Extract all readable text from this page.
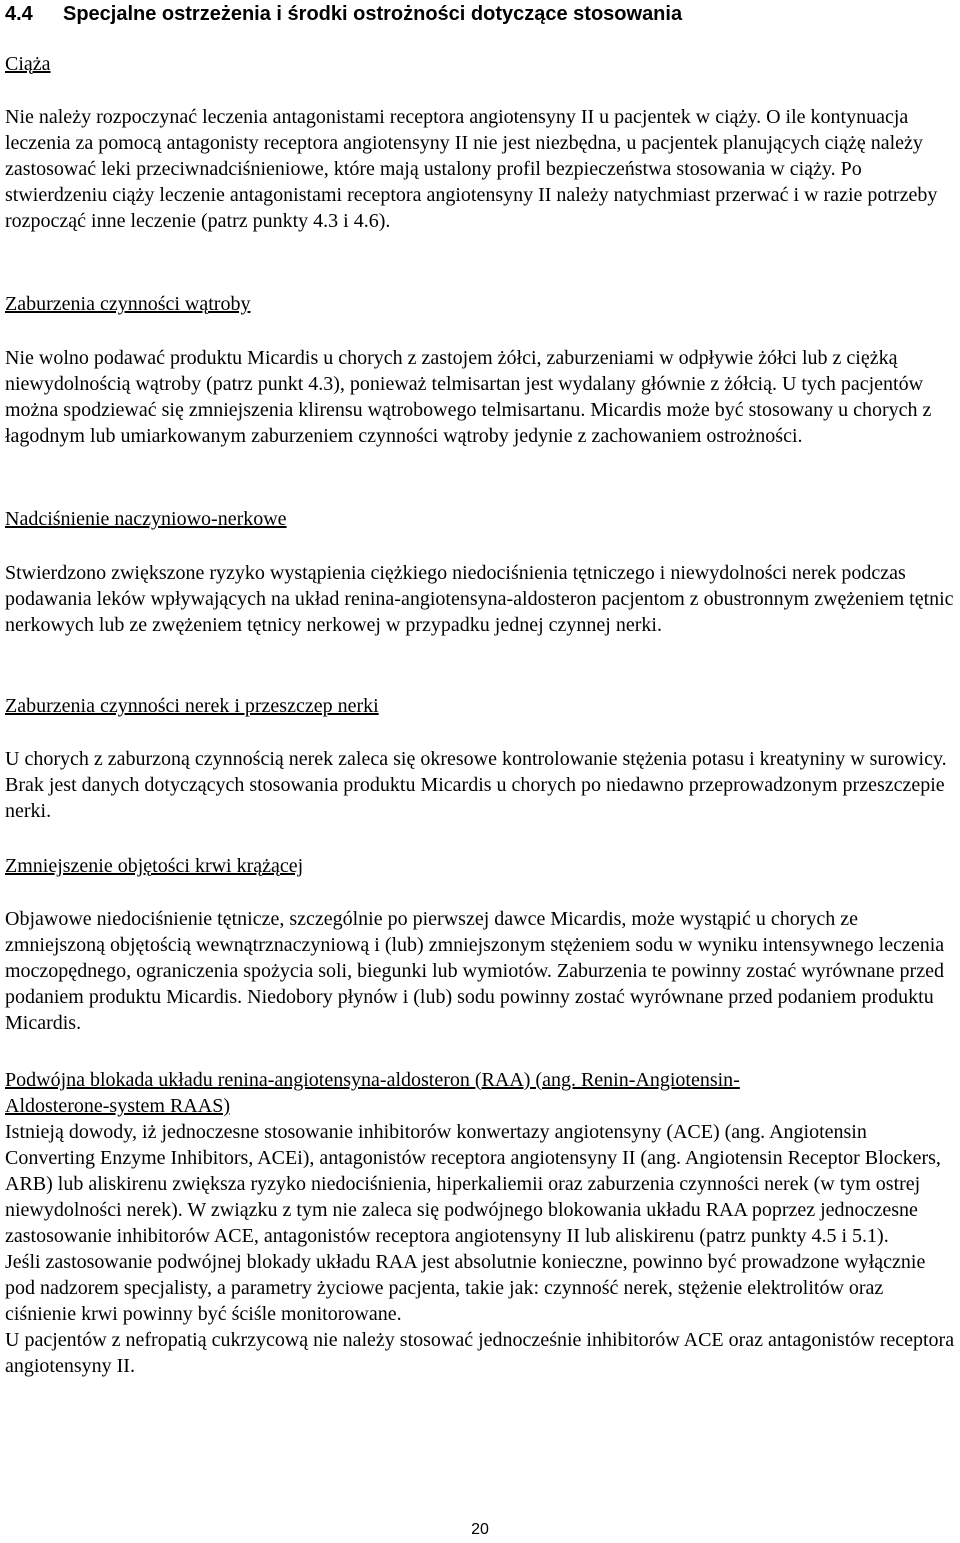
4.4 Specjalne ostrzeżenia i środki ostrożności dotyczące stosowania

Ciąża

Nie należy rozpoczynać leczenia antagonistami receptora angiotensyny II u pacjentek w ciąży. O ile kontynuacja leczenia za pomocą antagonisty receptora angiotensyny II nie jest niezbędna, u pacjentek planujących ciążę należy zastosować leki przeciwnadciśnieniowe, które mają ustalony profil bezpieczeństwa stosowania w ciąży. Po stwierdzeniu ciąży leczenie antagonistami receptora angiotensyny II należy natychmiast przerwać i w razie potrzeby rozpocząć inne leczenie (patrz punkty 4.3 i 4.6).

Zaburzenia czynności wątroby

Nie wolno podawać produktu Micardis u chorych z zastojem żółci, zaburzeniami w odpływie żółci lub z ciężką niewydolnością wątroby (patrz punkt 4.3), ponieważ telmisartan jest wydalany głównie z żółcią. U tych pacjentów można spodziewać się zmniejszenia klirensu wątrobowego telmisartanu. Micardis może być stosowany u chorych z łagodnym lub umiarkowanym zaburzeniem czynności wątroby jedynie z zachowaniem ostrożności.

Nadciśnienie naczyniowo-nerkowe

Stwierdzono zwiększone ryzyko wystąpienia ciężkiego niedociśnienia tętniczego i niewydolności nerek podczas podawania leków wpływających na układ renina-angiotensyna-aldosteron pacjentom z obustronnym zwężeniem tętnic nerkowych lub ze zwężeniem tętnicy nerkowej w przypadku jednej czynnej nerki.

Zaburzenia czynności nerek i przeszczep nerki

U chorych z zaburzoną czynnością nerek zaleca się okresowe kontrolowanie stężenia potasu i kreatyniny w surowicy. Brak jest danych dotyczących stosowania produktu Micardis u chorych po niedawno przeprowadzonym przeszczepie nerki.

Zmniejszenie objętości krwi krążącej

Objawowe niedociśnienie tętnicze, szczególnie po pierwszej dawce Micardis, może wystąpić u chorych ze zmniejszoną objętością wewnątrznaczyniową i (lub) zmniejszonym stężeniem sodu w wyniku intensywnego leczenia moczopędnego, ograniczenia spożycia soli, biegunki lub wymiotów. Zaburzenia te powinny zostać wyrównane przed podaniem produktu Micardis. Niedobory płynów i (lub) sodu powinny zostać wyrównane przed podaniem produktu Micardis.

Podwójna blokada układu renina-angiotensyna-aldosteron (RAA) (ang. Renin-Angiotensin-
Aldosterone-system RAAS)
Istnieją dowody, iż jednoczesne stosowanie inhibitorów konwertazy angiotensyny (ACE) (ang. Angiotensin Converting Enzyme Inhibitors, ACEi), antagonistów receptora angiotensyny II (ang. Angiotensin Receptor Blockers, ARB) lub aliskirenu zwiększa ryzyko niedociśnienia, hiperkaliemii oraz zaburzenia czynności nerek (w tym ostrej niewydolności nerek). W związku z tym nie zaleca się podwójnego blokowania układu RAA poprzez jednoczesne zastosowanie inhibitorów ACE, antagonistów receptora angiotensyny II lub aliskirenu (patrz punkty 4.5 i 5.1).
Jeśli zastosowanie podwójnej blokady układu RAA jest absolutnie konieczne, powinno być prowadzone wyłącznie pod nadzorem specjalisty, a parametry życiowe pacjenta, takie jak: czynność nerek, stężenie elektrolitów oraz ciśnienie krwi powinny być ściśle monitorowane.
U pacjentów z nefropatią cukrzycową nie należy stosować jednocześnie inhibitorów ACE oraz antagonistów receptora angiotensyny II.
20
